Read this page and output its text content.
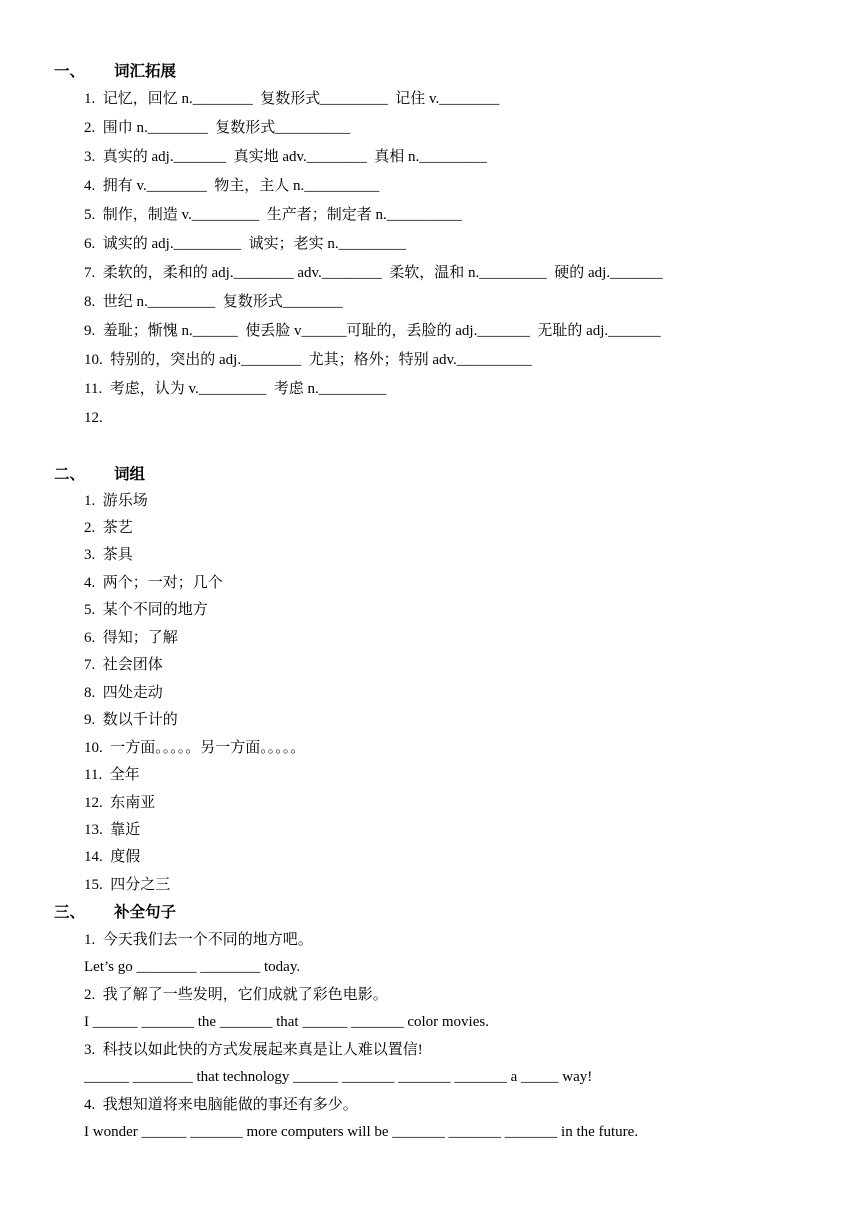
一、 词汇拓展
1.  记忆，回忆 n.________  复数形式_________  记住 v.________
2.  围巾 n.________  复数形式__________
3.  真实的 adj._______  真实地 adv.________  真相 n._________
4.  拥有 v.________  物主，主人 n.__________
5.  制作，制造 v._________  生产者；制定者 n.__________
6.  诚实的 adj._________  诚实；老实 n._________
7.  柔软的，柔和的 adj.________ adv.________  柔软，温和 n._________  硬的 adj._______
8.  世纪 n._________  复数形式________
9.  羞耻；惭愧 n.______  使丢脸 v______可耻的，丢脸的 adj._______  无耻的 adj._______
10.  特别的，突出的 adj.________  尤其；格外；特别 adv.__________
11.  考虑，认为 v._________  考虑 n._________
12.
二、 词组
1.  游乐场
2.  茶艺
3.  茶具
4.  两个；一对；几个
5.  某个不同的地方
6.  得知；了解
7.  社会团体
8.  四处走动
9.  数以千计的
10.  一方面。。。。。另一方面。。。。。
11.  全年
12.  东南亚
13.  靠近
14.  度假
15.  四分之三
三、 补全句子
1.  今天我们去一个不同的地方吧。
Let’s go ________ ________ today.
2.  我了解了一些发明，它们成就了彩色电影。
I ______ _______ the _______ that ______ _______ color movies.
3.  科技以如此快的方式发展起来真是让人难以置信!
______ ________ that technology ______ _______ _______ _______ a _____ way!
4.  我想知道将来电脑能做的事还有多少。
I wonder ______ _______ more computers will be _______ _______ _______ in the future.
